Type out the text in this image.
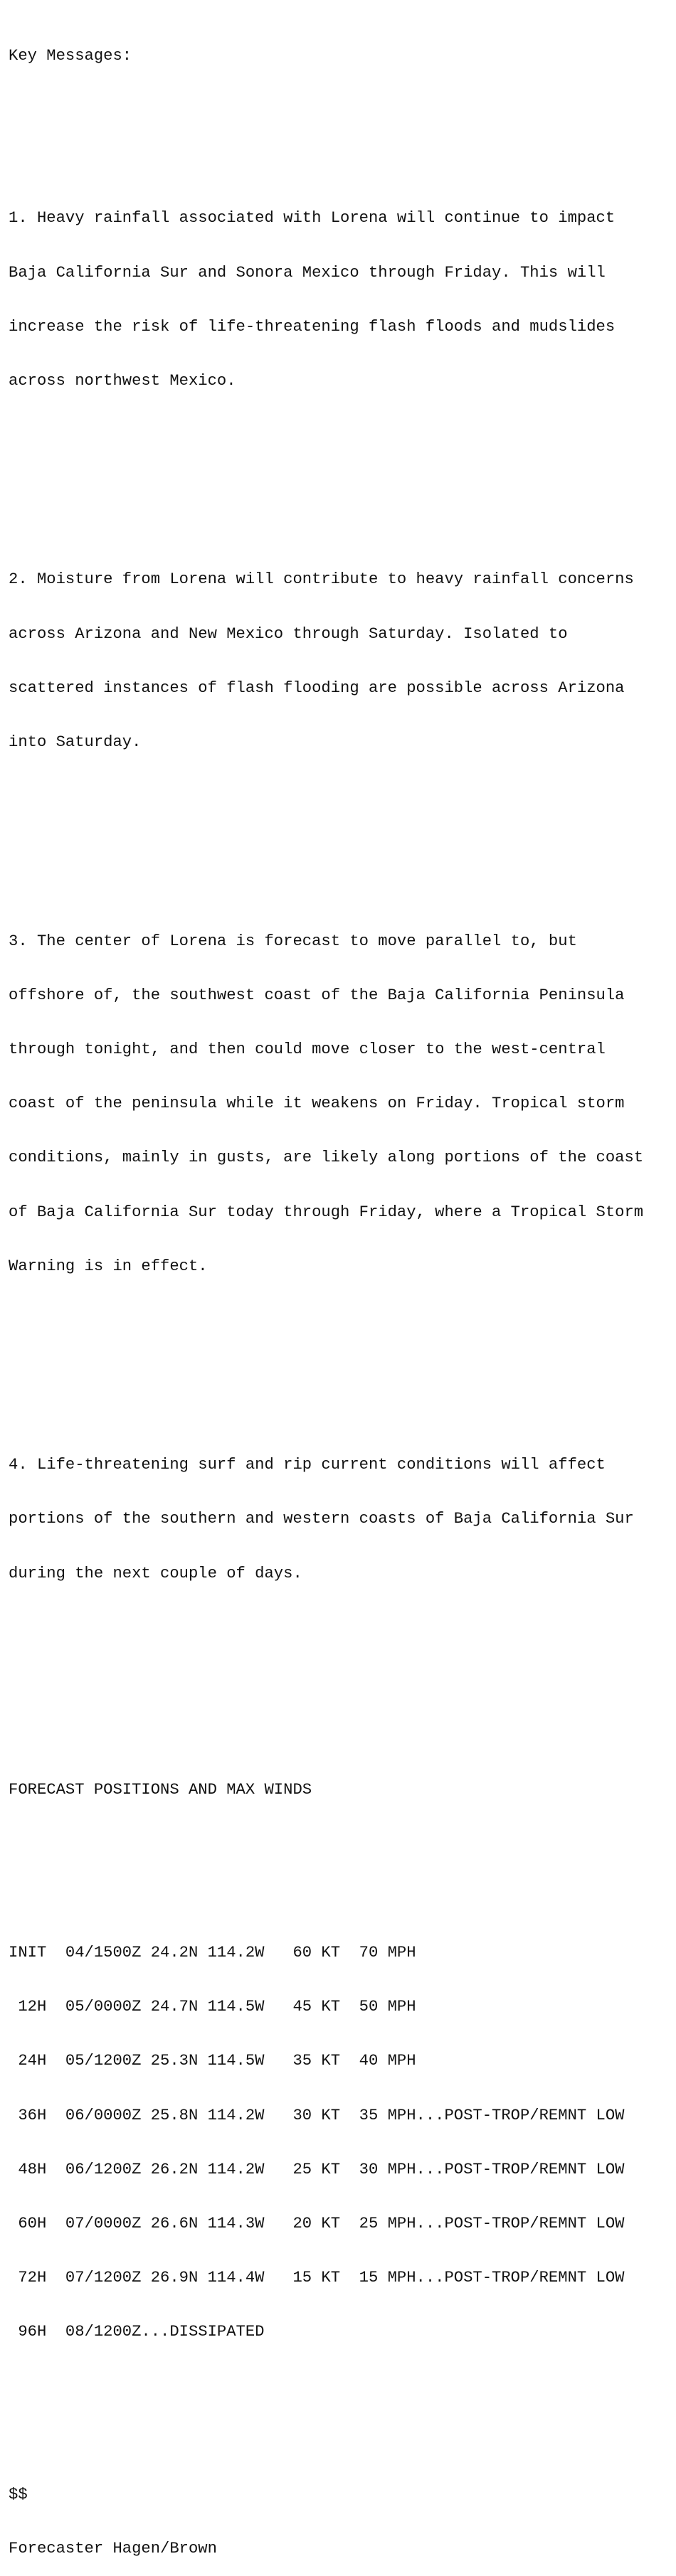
Key Messages:

1. Heavy rainfall associated with Lorena will continue to impact

Baja California Sur and Sonora Mexico through Friday. This will

increase the risk of life-threatening flash floods and mudslides

across northwest Mexico.

2. Moisture from Lorena will contribute to heavy rainfall concerns

across Arizona and New Mexico through Saturday. Isolated to

scattered instances of flash flooding are possible across Arizona

into Saturday.

3. The center of Lorena is forecast to move parallel to, but

offshore of, the southwest coast of the Baja California Peninsula

through tonight, and then could move closer to the west-central

coast of the peninsula while it weakens on Friday. Tropical storm

conditions, mainly in gusts, are likely along portions of the coast

of Baja California Sur today through Friday, where a Tropical Storm

Warning is in effect.

4. Life-threatening surf and rip current conditions will affect

portions of the southern and western coasts of Baja California Sur

during the next couple of days.

FORECAST POSITIONS AND MAX WINDS

INIT  04/1500Z 24.2N 114.2W   60 KT  70 MPH

12H  05/0000Z 24.7N 114.5W   45 KT  50 MPH

24H  05/1200Z 25.3N 114.5W   35 KT  40 MPH

36H  06/0000Z 25.8N 114.2W   30 KT  35 MPH...POST-TROP/REMNT LOW

48H  06/1200Z 26.2N 114.2W   25 KT  30 MPH...POST-TROP/REMNT LOW

60H  07/0000Z 26.6N 114.3W   20 KT  25 MPH...POST-TROP/REMNT LOW

72H  07/1200Z 26.9N 114.4W   15 KT  15 MPH...POST-TROP/REMNT LOW

96H  08/1200Z...DISSIPATED

$$

Forecaster Hagen/Brown
